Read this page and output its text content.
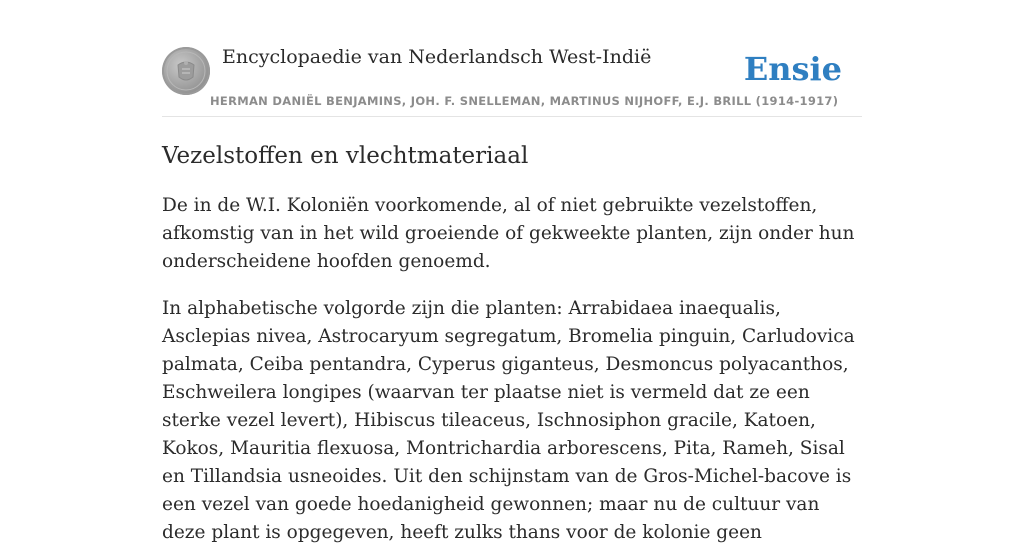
Encyclopaedie van Nederlandsch West-Indië	Ensie
HERMAN DANIËL BENJAMINS, JOH. F. SNELLEMAN, MARTINUS NIJHOFF, E.J. BRILL (1914-1917)
Vezelstoffen en vlechtmateriaal

De in de W.I. Koloniën voorkomende, al of niet gebruikte vezelstoffen, afkomstig van in het wild groeiende of gekweekte planten, zijn onder hun onderscheidene hoofden genoemd.

In alphabetische volgorde zijn die planten: Arrabidaea inaequalis, Asclepias nivea, Astrocaryum segregatum, Bromelia pinguin, Carludovica palmata, Ceiba pentandra, Cyperus giganteus, Desmoncus polyacanthos, Eschweilera longipes (waarvan ter plaatse niet is vermeld dat ze een sterke vezel levert), Hibiscus tileaceus, Ischnosiphon gracile, Katoen, Kokos, Mauritia flexuosa, Montrichardia arborescens, Pita, Rameh, Sisal en Tillandsia usneoides. Uit den schijnstam van de Gros-Michel-bacove is een vezel van goede hoedanigheid gewonnen; maar nu de cultuur van deze plant is opgegeven, heeft zulks thans voor de kolonie geen
